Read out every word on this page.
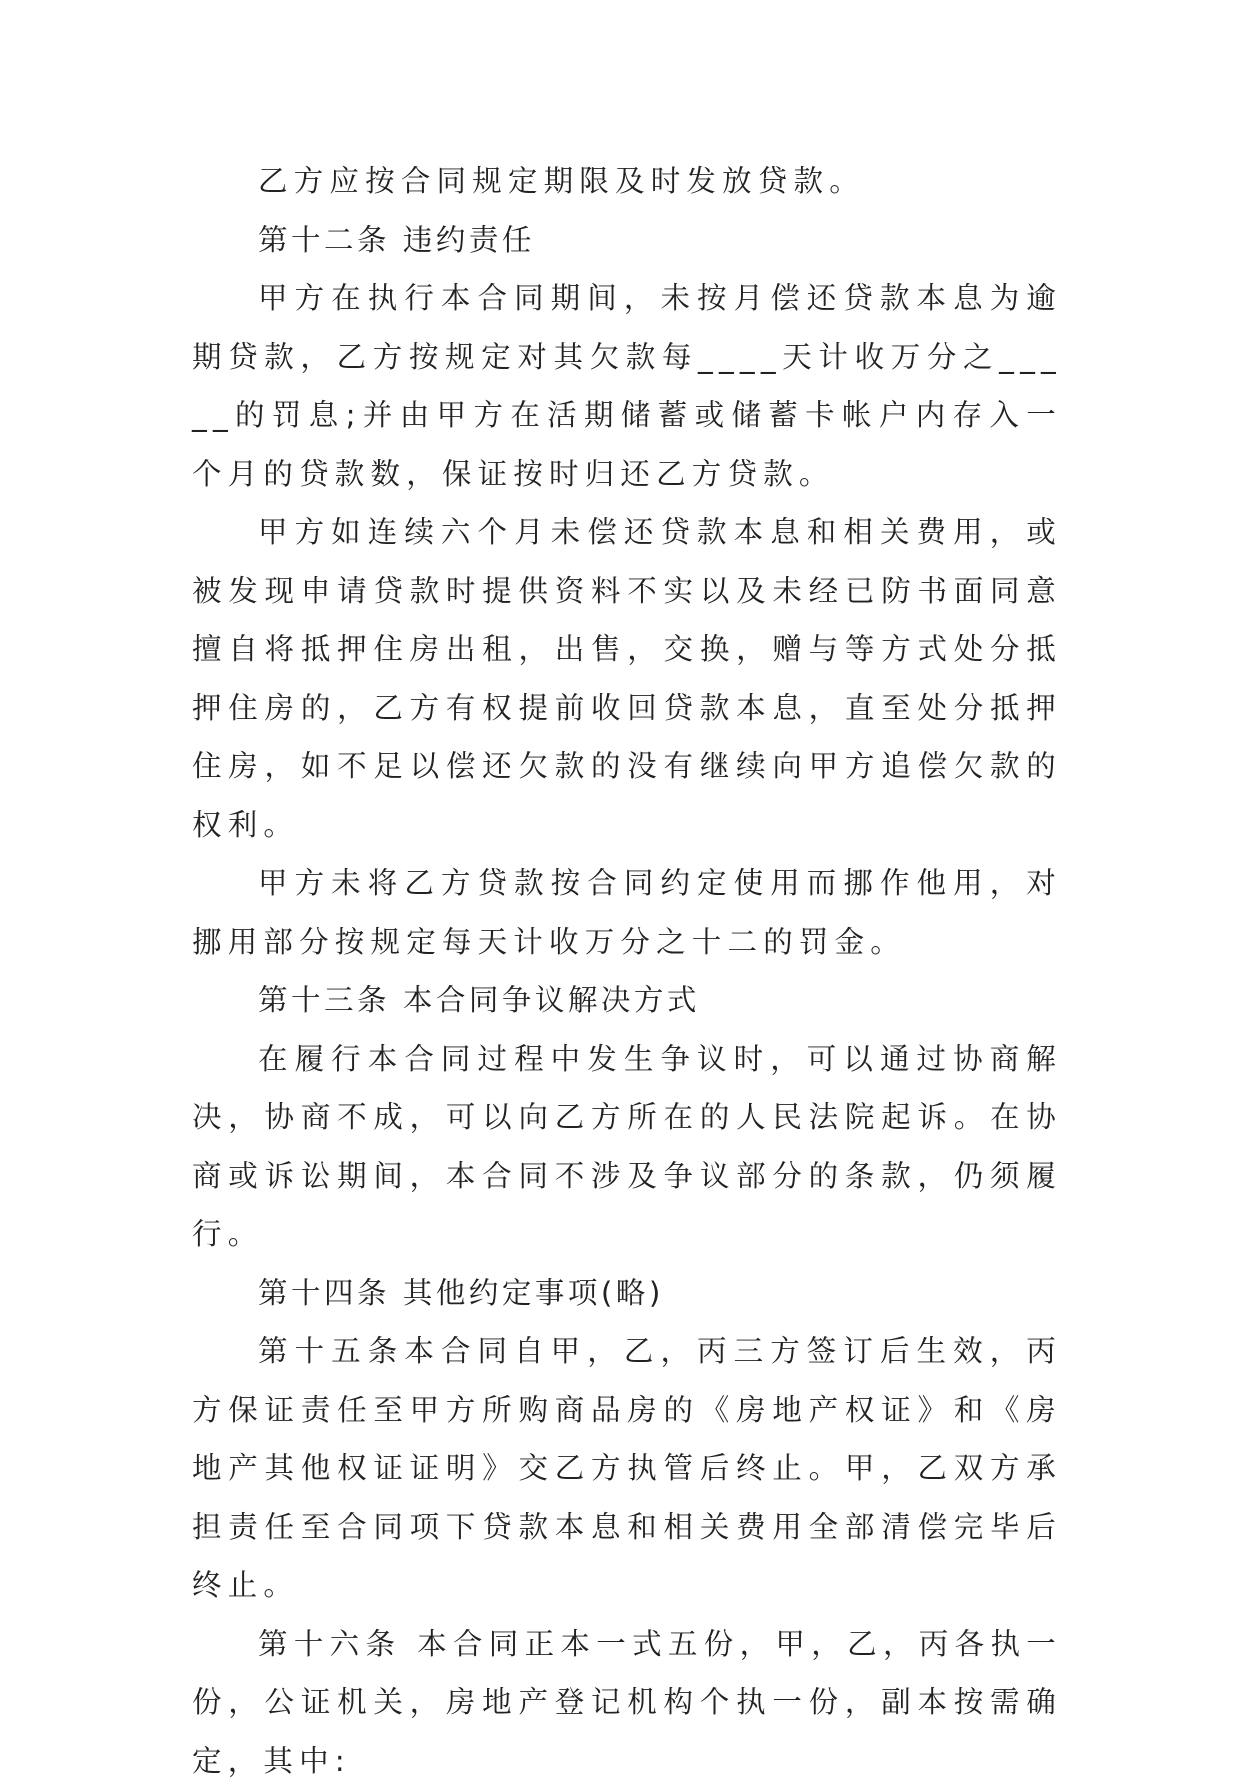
乙方应按合同规定期限及时发放贷款。

第十二条 违约责任

甲方在执行本合同期间，未按月偿还贷款本息为逾期贷款，乙方按规定对其欠款每____天计收万分之_____的罚息;并由甲方在活期储蓄或储蓄卡帐户内存入一个月的贷款数，保证按时归还乙方贷款。

甲方如连续六个月未偿还贷款本息和相关费用，或被发现申请贷款时提供资料不实以及未经已防书面同意擅自将抵押住房出租，出售，交换，赠与等方式处分抵押住房的，乙方有权提前收回贷款本息，直至处分抵押住房，如不足以偿还欠款的没有继续向甲方追偿欠款的权利。

甲方未将乙方贷款按合同约定使用而挪作他用，对挪用部分按规定每天计收万分之十二的罚金。

第十三条 本合同争议解决方式

在履行本合同过程中发生争议时，可以通过协商解决，协商不成，可以向乙方所在的人民法院起诉。在协商或诉讼期间，本合同不涉及争议部分的条款，仍须履行。

第十四条 其他约定事项(略)

第十五条本合同自甲，乙，丙三方签订后生效，丙方保证责任至甲方所购商品房的《房地产权证》和《房地产其他权证证明》交乙方执管后终止。甲，乙双方承担责任至合同项下贷款本息和相关费用全部清偿完毕后终止。

第十六条 本合同正本一式五份，甲，乙，丙各执一份，公证机关，房地产登记机构个执一份，副本按需确定，其中:
